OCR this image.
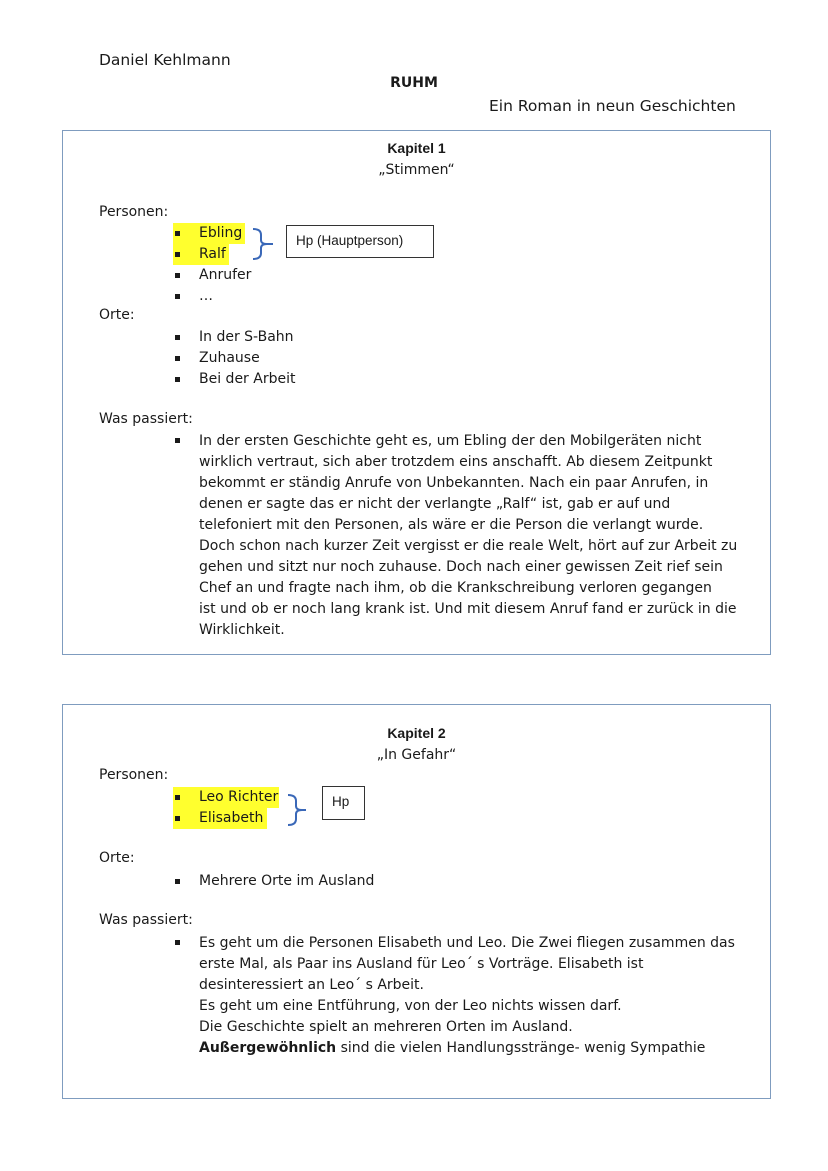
Daniel Kehlmann
RUHM
Ein Roman in neun Geschichten
Kapitel 1
„Stimmen“
Personen:
Ebling
Ralf
Anrufer
…
Hp (Hauptperson)
Orte:
In der S-Bahn
Zuhause
Bei der Arbeit
Was passiert:
In der ersten Geschichte geht es, um Ebling der den Mobilgeräten nicht
wirklich vertraut, sich aber trotzdem eins anschafft. Ab diesem Zeitpunkt
bekommt er ständig Anrufe von Unbekannten. Nach ein paar Anrufen, in
denen er sagte das er nicht der verlangte „Ralf“ ist, gab er auf und
telefoniert mit den Personen, als wäre er die Person die verlangt wurde.
Doch schon nach kurzer Zeit vergisst er die reale Welt, hört auf zur Arbeit zu
gehen und sitzt nur noch zuhause. Doch nach einer gewissen Zeit rief sein
Chef an und fragte nach ihm, ob die Krankschreibung verloren gegangen
ist und ob er noch lang krank ist. Und mit diesem Anruf fand er zurück in die
Wirklichkeit.
Kapitel 2
„In Gefahr“
Personen:
Leo Richter
Elisabeth
Hp
Orte:
Mehrere Orte im Ausland
Was passiert:
Es geht um die Personen Elisabeth und Leo. Die Zwei fliegen zusammen das
erste Mal, als Paar ins Ausland für Leo´ s Vorträge. Elisabeth ist
desinteressiert an Leo´ s Arbeit.
Es geht um eine Entführung, von der Leo nichts wissen darf.
Die Geschichte spielt an mehreren Orten im Ausland.
Außergewöhnlich sind die vielen Handlungsstränge- wenig Sympathie
